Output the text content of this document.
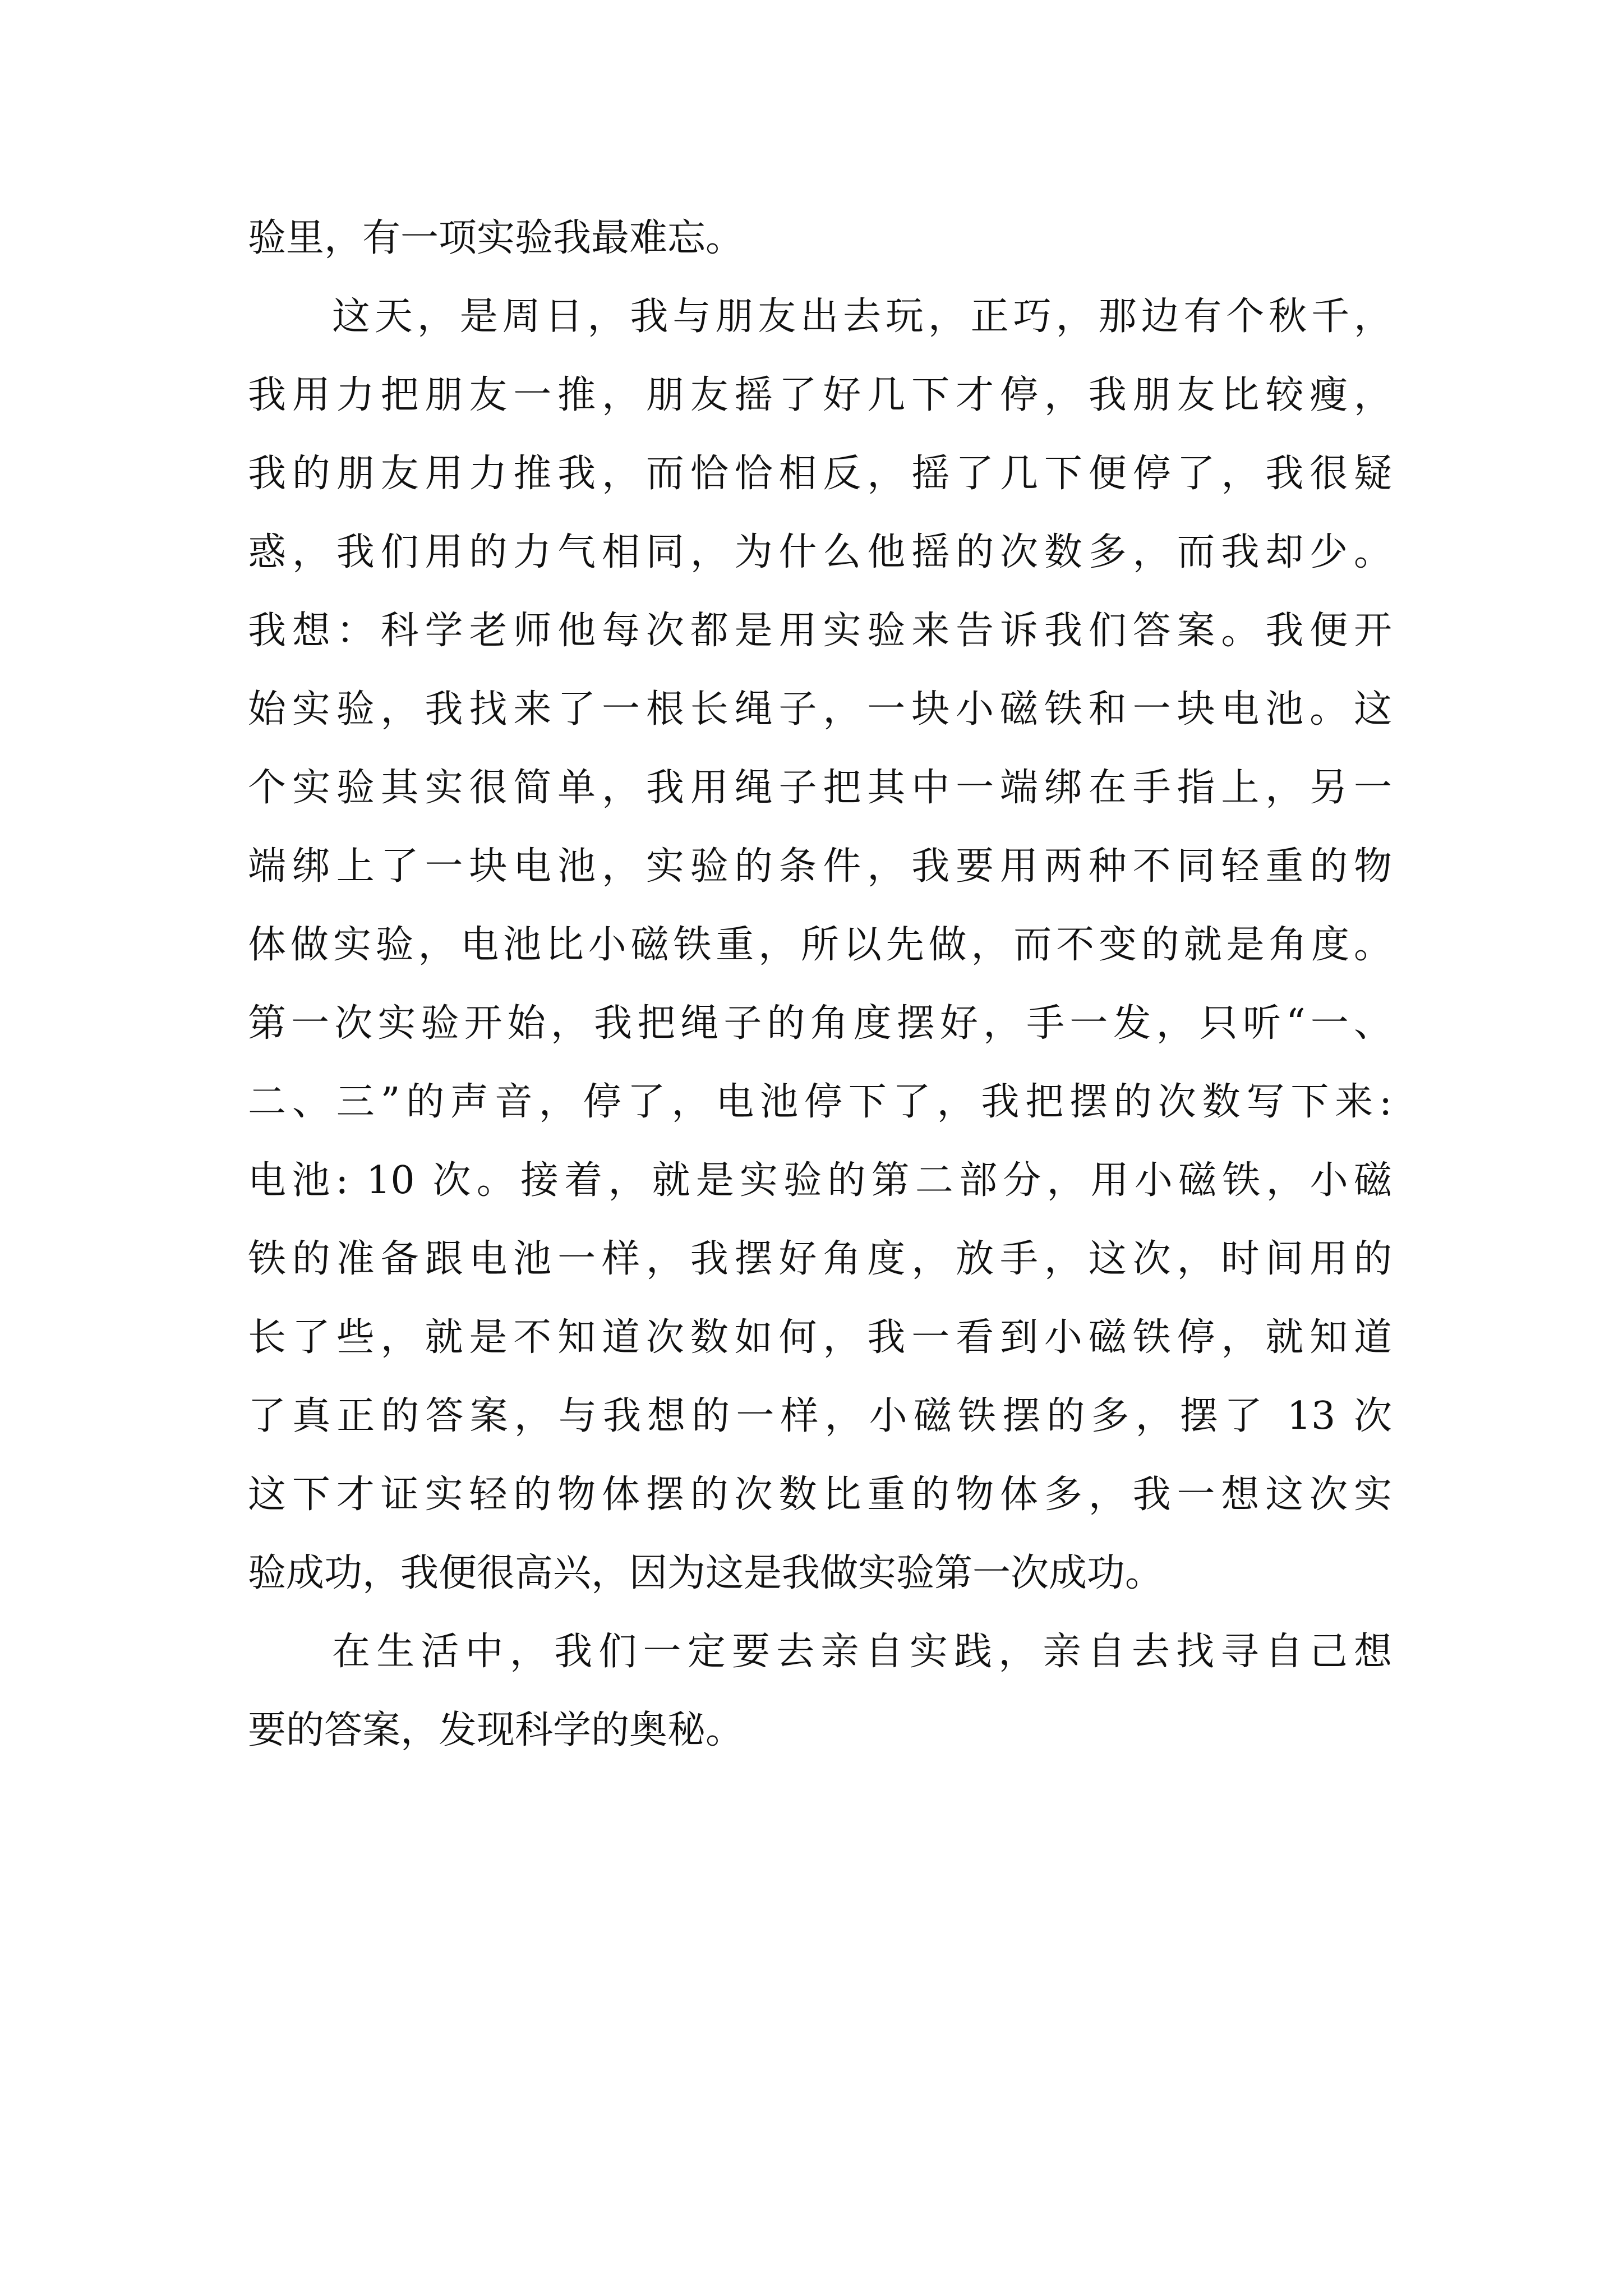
验里，有一项实验我最难忘。
这天，是周日，我与朋友出去玩，正巧，那边有个秋千，
我用力把朋友一推，朋友摇了好几下才停，我朋友比较瘦，
我的朋友用力推我，而恰恰相反，摇了几下便停了，我很疑
惑，我们用的力气相同，为什么他摇的次数多，而我却少。
我想：科学老师他每次都是用实验来告诉我们答案。我便开
始实验，我找来了一根长绳子，一块小磁铁和一块电池。这
个实验其实很简单，我用绳子把其中一端绑在手指上，另一
端绑上了一块电池，实验的条件，我要用两种不同轻重的物
体做实验，电池比小磁铁重，所以先做，而不变的就是角度。
第一次实验开始，我把绳子的角度摆好，手一发，只听“一、
二、三”的声音，停了，电池停下了，我把摆的次数写下来:
电池: 10 次。接着，就是实验的第二部分，用小磁铁，小磁
铁的准备跟电池一样，我摆好角度，放手，这次，时间用的
长了些，就是不知道次数如何，我一看到小磁铁停，就知道
了真正的答案，与我想的一样，小磁铁摆的多，摆了 13 次
这下才证实轻的物体摆的次数比重的物体多，我一想这次实
验成功，我便很高兴，因为这是我做实验第一次成功。
在生活中，我们一定要去亲自实践，亲自去找寻自己想
要的答案，发现科学的奥秘。
